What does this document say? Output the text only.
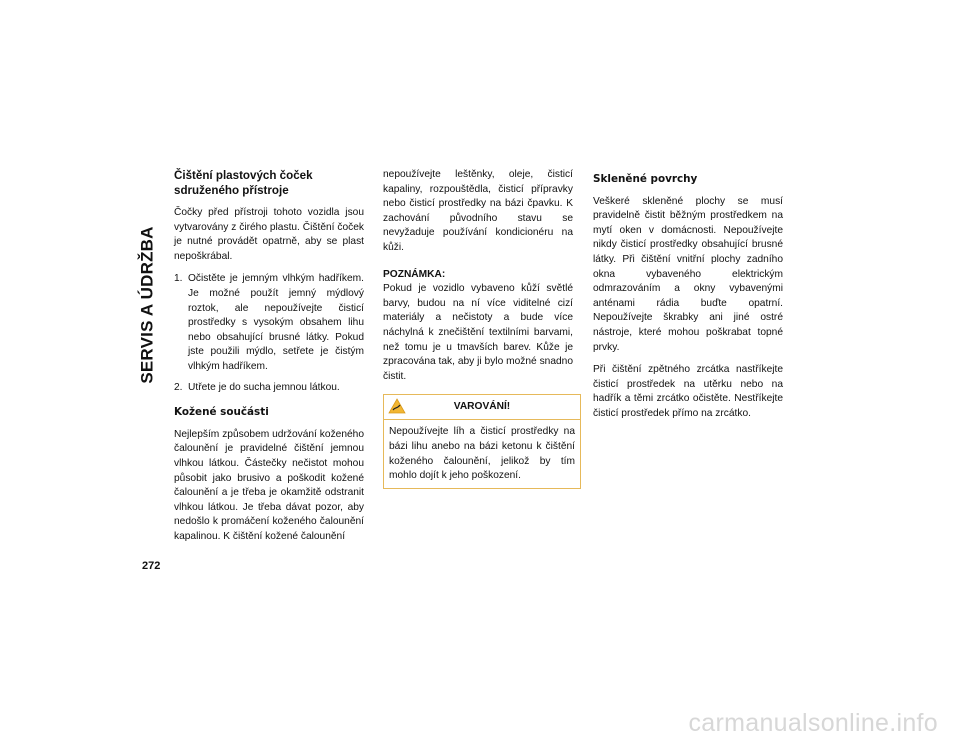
SERVIS A ÚDRŽBA
272
Čištění plastových čoček sdruženého přístroje

Čočky před přístroji tohoto vozidla jsou vytvarovány z čirého plastu. Čištění čoček je nutné provádět opatrně, aby se plast nepoškrábal.

1. Očistěte je jemným vlhkým hadříkem. Je možné použít jemný mýdlový roztok, ale nepoužívejte čisticí prostředky s vysokým obsahem lihu nebo obsahující brusné látky. Pokud jste použili mýdlo, setřete je čistým vlhkým hadříkem.
2. Utřete je do sucha jemnou látkou.
Kožené součásti

Nejlepším způsobem udržování koženého čalounění je pravidelné čištění jemnou vlhkou látkou. Částečky nečistot mohou působit jako brusivo a poškodit kožené čalounění a je třeba je okamžitě odstranit vlhkou látkou. Je třeba dávat pozor, aby nedošlo k promáčení koženého čalounění kapalinou. K čištění kožené čalounění

nepoužívejte leštěnky, oleje, čisticí kapaliny, rozpouštědla, čisticí přípravky nebo čisticí prostředky na bázi čpavku. K zachování původního stavu se nevyžaduje používání kondicionéru na kůži.

POZNÁMKA:

Pokud je vozidlo vybaveno kůží světlé barvy, budou na ní více viditelné cizí materiály a nečistoty a bude více náchylná k znečištění textilními barvami, než tomu je u tmavších barev. Kůže je zpracována tak, aby ji bylo možné snadno čistit.

VAROVÁNÍ!
Nepoužívejte líh a čisticí prostředky na bázi lihu anebo na bázi ketonu k čištění koženého čalounění, jelikož by tím mohlo dojít k jeho poškození.
Skleněné povrchy

Veškeré skleněné plochy se musí pravidelně čistit běžným prostředkem na mytí oken v domácnosti. Nepoužívejte nikdy čisticí prostředky obsahující brusné látky. Při čištění vnitřní plochy zadního okna vybaveného elektrickým odmrazováním a okny vybavenými anténami rádia buďte opatrní. Nepoužívejte škrabky ani jiné ostré nástroje, které mohou poškrabat topné prvky.

Při čištění zpětného zrcátka nastříkejte čisticí prostředek na utěrku nebo na hadřík a těmi zrcátko očistěte. Nestříkejte čisticí prostředek přímo na zrcátko.

carmanualsonline.info
